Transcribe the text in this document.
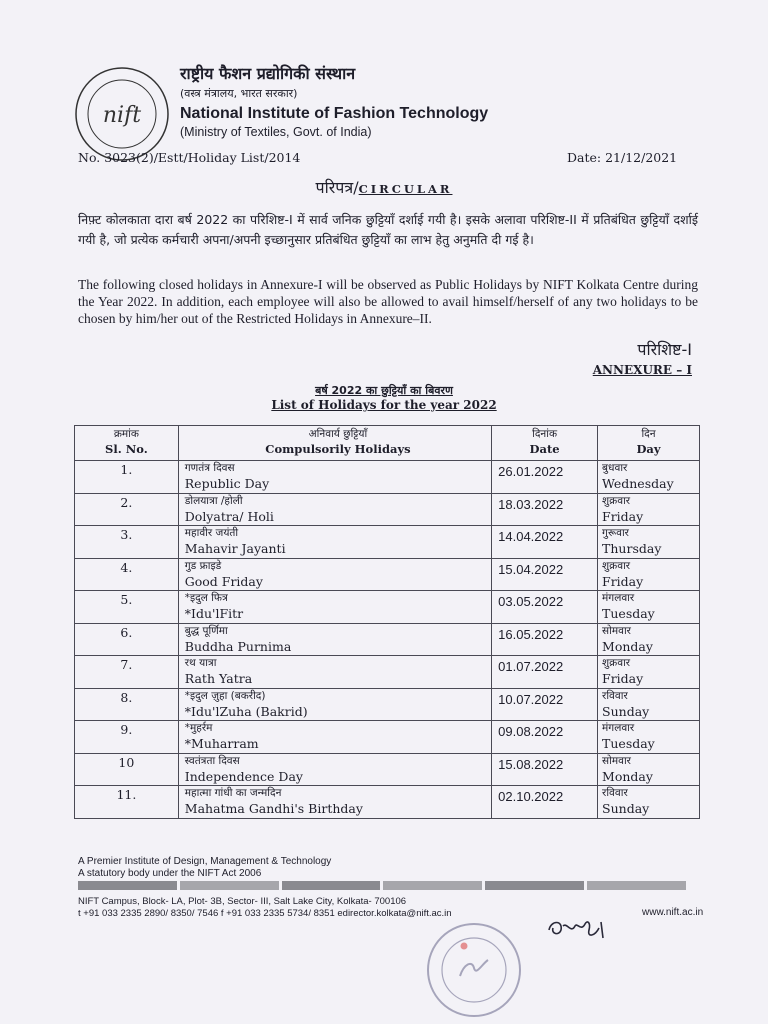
nift
राष्ट्रीय फैशन प्रद्योगिकी संस्थान
(वस्त्र मंत्रालय, भारत सरकार)
National Institute of Fashion Technology
(Ministry of Textiles, Govt. of India)
No. 3023(2)/Estt/Holiday List/2014	Date: 21/12/2021
परिपत्र/CIRCULAR
निफ़्ट कोलकाता दारा बर्ष 2022 का परिशिष्ट-I में सार्व जनिक छुट्टियाँ दर्शाई गयी है। इसके अलावा परिशिष्ट-II में प्रतिबंधित छुट्टियाँ दर्शाई गयी है, जो प्रत्येक कर्मचारी अपना/अपनी इच्छानुसार प्रतिबंधित छुट्टियाँ का लाभ हेतु अनुमति दी गई है।
The following closed holidays in Annexure-I will be observed as Public Holidays by NIFT Kolkata Centre during the Year 2022. In addition, each employee will also be allowed to avail himself/herself of any two holidays to be chosen by him/her out of the Restricted Holidays in Annexure–II.
परिशिष्ट-I
ANNEXURE – I
बर्ष 2022 का छुट्टियाँ का बिवरण
List of Holidays for the year 2022
क्रमांक
Sl. No.	अनिवार्य छुट्टियाँ
Compulsorily Holidays	दिनांक
Date	दिन
Day

1.	गणतंत्र दिवस
Republic Day	26.01.2022	बुधवार
Wednesday

2.	डोलयात्रा /होली
Dolyatra/ Holi	18.03.2022	शुक्रवार
Friday

3.	महावीर जयंती
Mahavir Jayanti	14.04.2022	गुरूवार
Thursday

4.	गुड फ्राइडे
Good Friday	15.04.2022	शुक्रवार
Friday

5.	*इदुल फित्र
*Idu'lFitr	03.05.2022	मंगलवार
Tuesday

6.	बुद्ध पूर्णिमा
Buddha Purnima	16.05.2022	सोमवार
Monday

7.	रथ यात्रा
Rath Yatra	01.07.2022	शुक्रवार
Friday

8.	*इदुल ज़ुहा (बकरीद)
*Idu'lZuha (Bakrid)	10.07.2022	रविवार
Sunday

9.	*मुहर्रम
*Muharram	09.08.2022	मंगलवार
Tuesday

10	स्वतंत्रता दिवस
Independence Day	15.08.2022	सोमवार
Monday

11.	महात्मा गांधी का जन्मदिन
Mahatma Gandhi's Birthday	02.10.2022	रविवार
Sunday
A Premier Institute of Design, Management & Technology
A statutory body under the NIFT Act 2006
NIFT Campus, Block- LA, Plot- 3B, Sector- III, Salt Lake City, Kolkata- 700106
t +91 033 2335 2890/ 8350/ 7546 f +91 033 2335 5734/ 8351 edirector.kolkata@nift.ac.in	www.nift.ac.in
